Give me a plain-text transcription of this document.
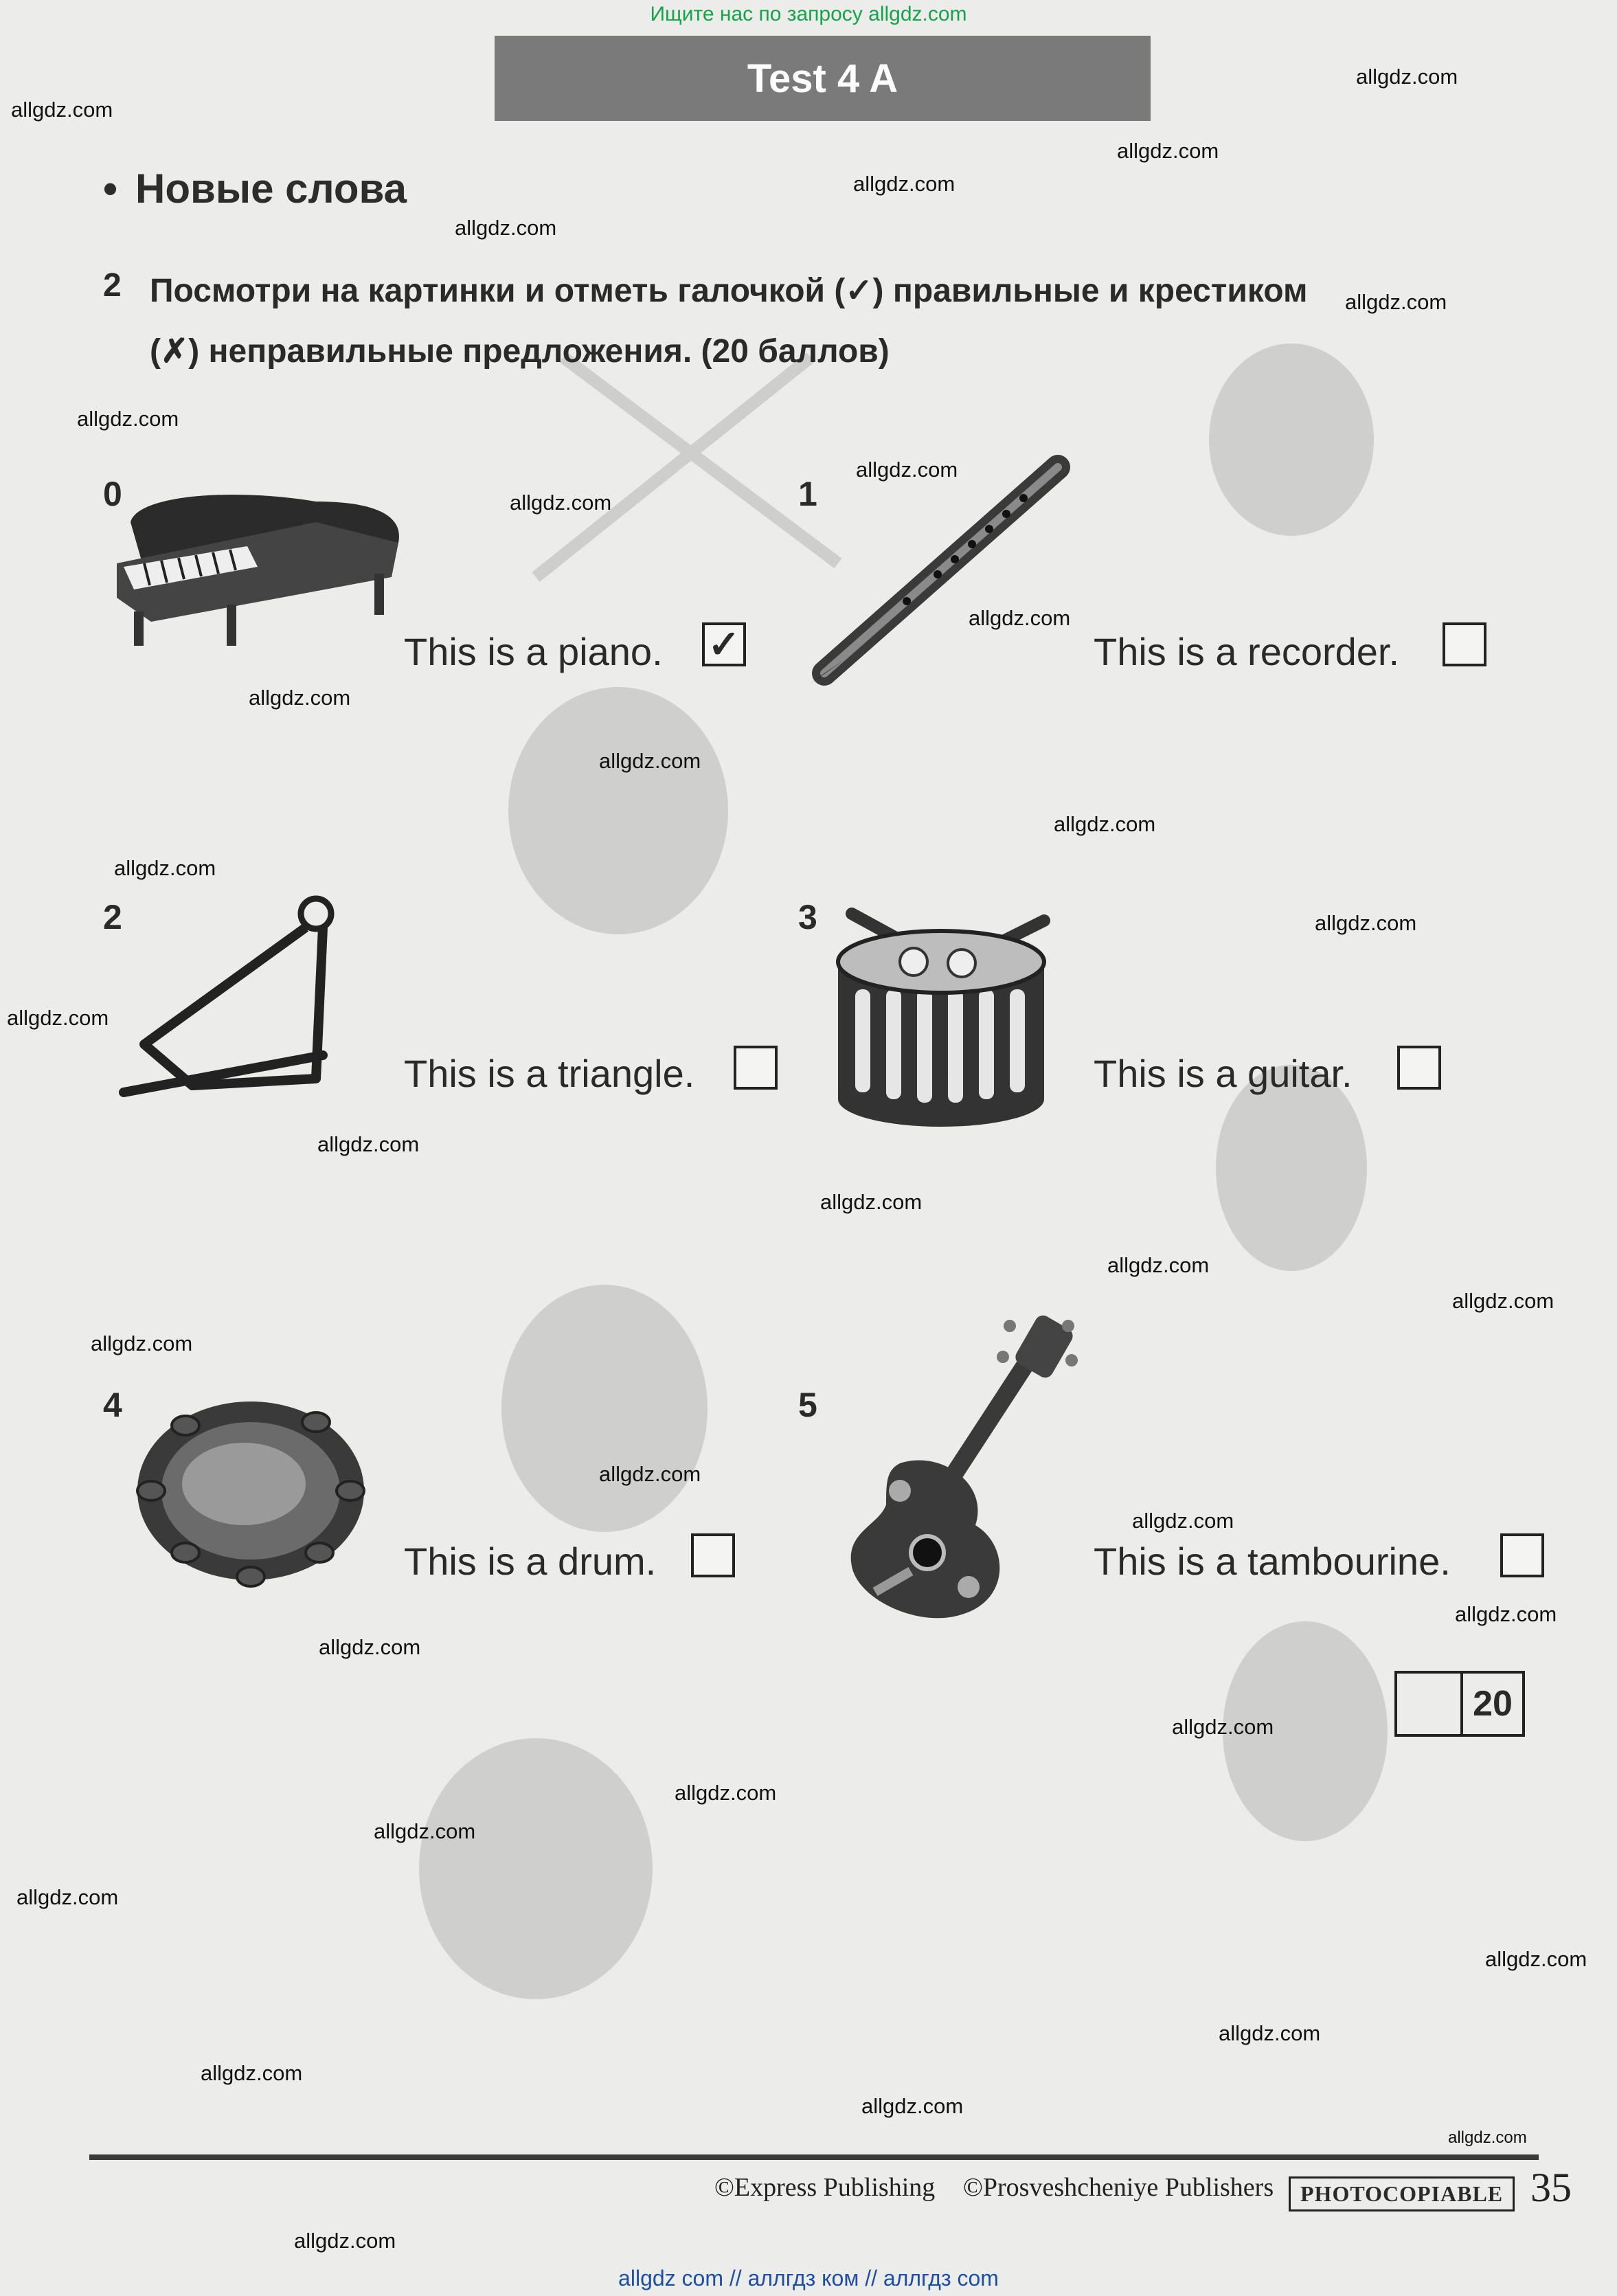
Ищите нас по запросу allgdz.com
Test 4 A
• Новые слова
2 Посмотри на картинки и отметь галочкой (✓) правильные и крестиком (✗) неправильные предложения. (20 баллов)
0
This is a piano. ✓
1
This is a recorder.
2
This is a triangle.
3
This is a guitar.
4
This is a drum.
5
This is a tambourine.
20
allgdz.com
allgdz.com
allgdz.com
allgdz.com
allgdz.com
allgdz.com
allgdz.com
allgdz.com
allgdz.com
allgdz.com
allgdz.com
allgdz.com
allgdz.com
allgdz.com
allgdz.com
allgdz.com
allgdz.com
allgdz.com
allgdz.com
allgdz.com
allgdz.com
allgdz.com
allgdz.com
allgdz.com
allgdz.com
allgdz.com
allgdz.com
allgdz.com
allgdz.com
allgdz.com
allgdz.com
allgdz.com
allgdz.com
allgdz.com
allgdz.com
©Express Publishing ©Prosveshcheniye Publishers	PHOTOCOPIABLE 35
allgdz com // аллгдз ком // аллгдз com
